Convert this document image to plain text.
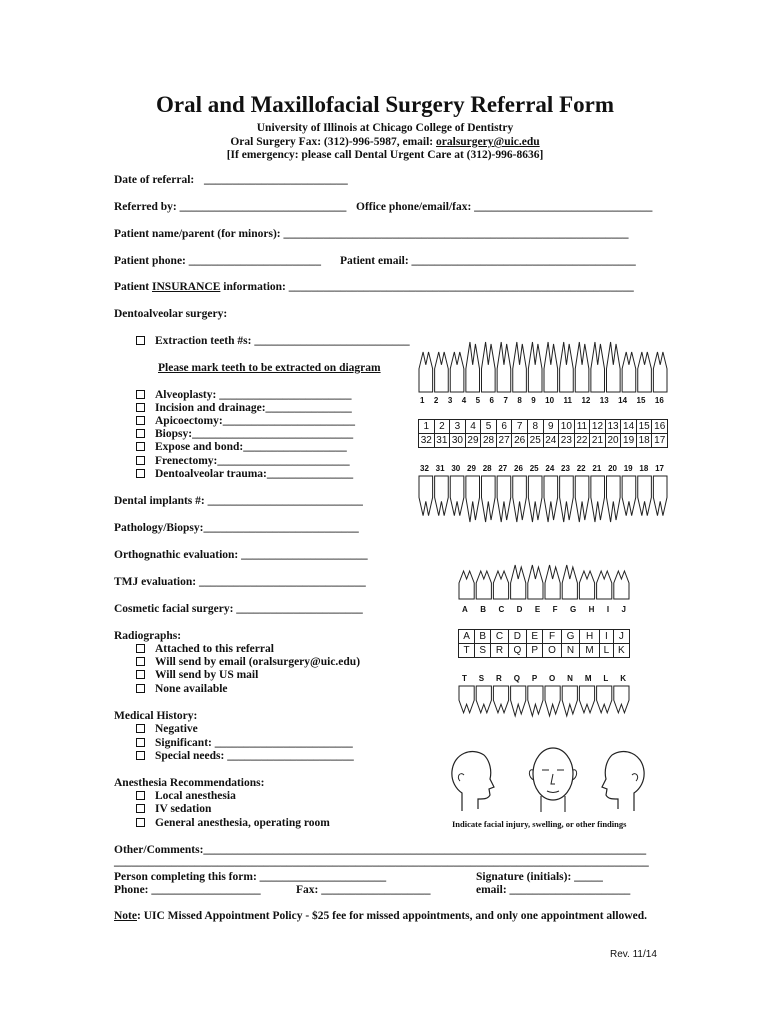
Oral and Maxillofacial Surgery Referral Form
University of Illinois at Chicago College of Dentistry
Oral Surgery Fax: (312)-996-5987, email: oralsurgery@uic.edu
[If emergency: please call Dental Urgent Care at (312)-996-8636]
Date of referral: _________________________
Referred by: _____________________________ Office phone/email/fax: _______________________________
Patient name/parent (for minors): ____________________________________________________________
Patient phone: _______________________ Patient email: _______________________________________
Patient INSURANCE information: ____________________________________________________________
Dentoalveolar surgery:
Extraction teeth #s: ___________________________
Please mark teeth to be extracted on diagram
Alveoplasty: _______________________
Incision and drainage:_______________
Apicoectomy:_______________________
Biopsy:____________________________
Expose and bond:__________________
Frenectomy:_______________________
Dentoalveolar trauma:_______________
Dental implants #: ___________________________
Pathology/Biopsy:___________________________
Orthognathic evaluation: ______________________
TMJ evaluation: _____________________________
Cosmetic facial surgery: ______________________
Radiographs:
Attached to this referral
Will send by email (oralsurgery@uic.edu)
Will send by US mail
None available
Medical History:
Negative
Significant: ________________________
Special needs: ______________________
Anesthesia Recommendations:
Local anesthesia
IV sedation
General anesthesia, operating room	Indicate facial injury, swelling, or other findings
Other/Comments:_____________________________________________________________________________
_____________________________________________________________________________________________
Person completing this form: ______________________	Signature (initials): _____
Phone: ___________________	Fax: ___________________	email: _____________________
Note: UIC Missed Appointment Policy - $25 fee for missed appointments, and only one appointment allowed.
Rev. 11/14
1 2 3 4 5 6 7 8 9 10 11 12 13 14 15 16
1	2	3	4	5	6	7	8	9	10	11	12	13	14	15	16
32	31	30	29	28	27	26	25	24	23	22	21	20	19	18	17
32 31 30 29 28 27 26 25 24 23 22 21 20 19 18 17
A B C D E F G H I J
A	B	C	D	E	F	G	H	I	J
T	S	R	Q	P	O	N	M	L	K
T S R Q P O N M L K
